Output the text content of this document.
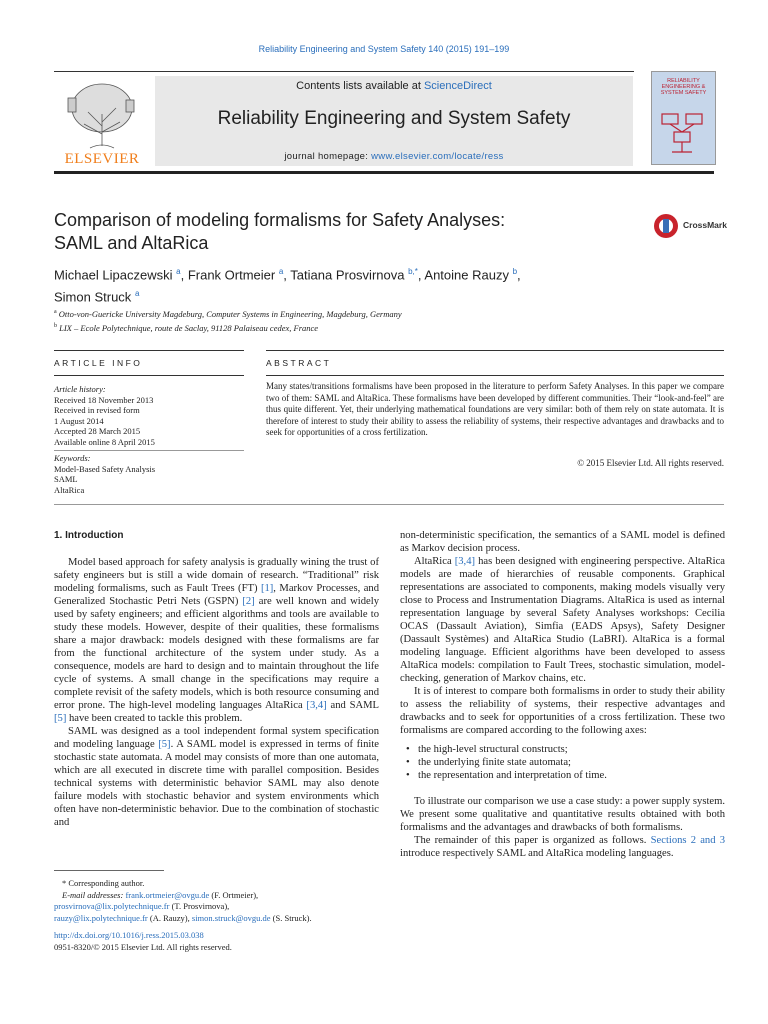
Reliability Engineering and System Safety 140 (2015) 191–199
ELSEVIER
Contents lists available at ScienceDirect
Reliability Engineering and System Safety
journal homepage: www.elsevier.com/locate/ress
RELIABILITY ENGINEERING & SYSTEM SAFETY
Comparison of modeling formalisms for Safety Analyses:
SAML and AltaRica
CrossMark
Michael Lipaczewski $^a$, Frank Ortmeier $^a$, Tatiana Prosvirnova $^{b,*}$, Antoine Rauzy $^b$,
Simon Struck $^a$
$^a$ Otto-von-Guericke University Magdeburg, Computer Systems in Engineering, Magdeburg, Germany
$^b$ LIX – Ecole Polytechnique, route de Saclay, 91128 Palaiseau cedex, France
ARTICLE INFO	ABSTRACT
Article history:
Received 18 November 2013
Received in revised form
1 August 2014
Accepted 28 March 2015
Available online 8 April 2015
Keywords:
Model-Based Safety Analysis
SAML
AltaRica
Many states/transitions formalisms have been proposed in the literature to perform Safety Analyses. In this paper we compare two of them: SAML and AltaRica. These formalisms have been developed by different communities. Their “look-and-feel” are thus quite different. Yet, their underlying mathematical foundations are very similar: both of them rely on state automata. It is therefore of interest to study their ability to assess the reliability of systems, their respective advantages and drawbacks and to seek for opportunities of a cross fertilization.
© 2015 Elsevier Ltd. All rights reserved.
1. Introduction

Model based approach for safety analysis is gradually wining the trust of safety engineers but is still a wide domain of research. “Traditional” risk modeling formalisms, such as Fault Trees (FT) [1], Markov Processes, and Generalized Stochastic Petri Nets (GSPN) [2] are well known and widely used by safety engineers; and efficient algorithms and tools are available to study these models. However, despite of their qualities, these formalisms share a major drawback: models designed with these formalisms are far from the functional architecture of the system under study. As a consequence, models are hard to design and to maintain throughout the life cycle of systems. A small change in the specifications may require a complete revisit of the safety models, which is both resource consuming and error prone. The high-level modeling languages AltaRica [3,4] and SAML [5] have been created to tackle this problem.

SAML was designed as a tool independent formal system specification and modeling language [5]. A SAML model is expressed in terms of finite stochastic state automata. A model may consists of more than one automata, which are all executed in discrete time with parallel composition. Besides technical systems with deterministic behavior SAML may also denote failure models with stochastic behavior and system environments which often have non-deterministic behavior. Due to the combination of stochastic and

non-deterministic specification, the semantics of a SAML model is defined as Markov decision process.

AltaRica [3,4] has been designed with engineering perspective. AltaRica models are made of hierarchies of reusable components. Graphical representations are associated to components, making models visually very close to Process and Instrumentation Diagrams. AltaRica is used as internal representation language by several Safety Analyses workshops: Cecilia OCAS (Dassault Aviation), Simfia (EADS Apsys), Safety Designer (Dassault Systèmes) and AltaRica Studio (LaBRI). AltaRica is a formal modeling language. Efficient algorithms have been developed to assess AltaRica models: compilation to Fault Trees, stochastic simulation, model-checking, generation of Markov chains, etc.

It is of interest to compare both formalisms in order to study their ability to assess the reliability of systems, their respective advantages and drawbacks and to seek for opportunities of a cross fertilization. These two formalisms are compared according to the following axes:

• the high-level structural constructs;
• the underlying finite state automata;
• the representation and interpretation of time.

To illustrate our comparison we use a case study: a power supply system. We present some qualitative and quantitative results obtained with both formalisms and the advantages and drawbacks of both formalisms.

The remainder of this paper is organized as follows. Sections 2 and 3 introduce respectively SAML and AltaRica modeling languages.

* Corresponding author.
E-mail addresses: frank.ortmeier@ovgu.de (F. Ortmeier),
prosvirnova@lix.polytechnique.fr (T. Prosvirnova),
rauzy@lix.polytechnique.fr (A. Rauzy), simon.struck@ovgu.de (S. Struck).
http://dx.doi.org/10.1016/j.ress.2015.03.038
0951-8320/© 2015 Elsevier Ltd. All rights reserved.
